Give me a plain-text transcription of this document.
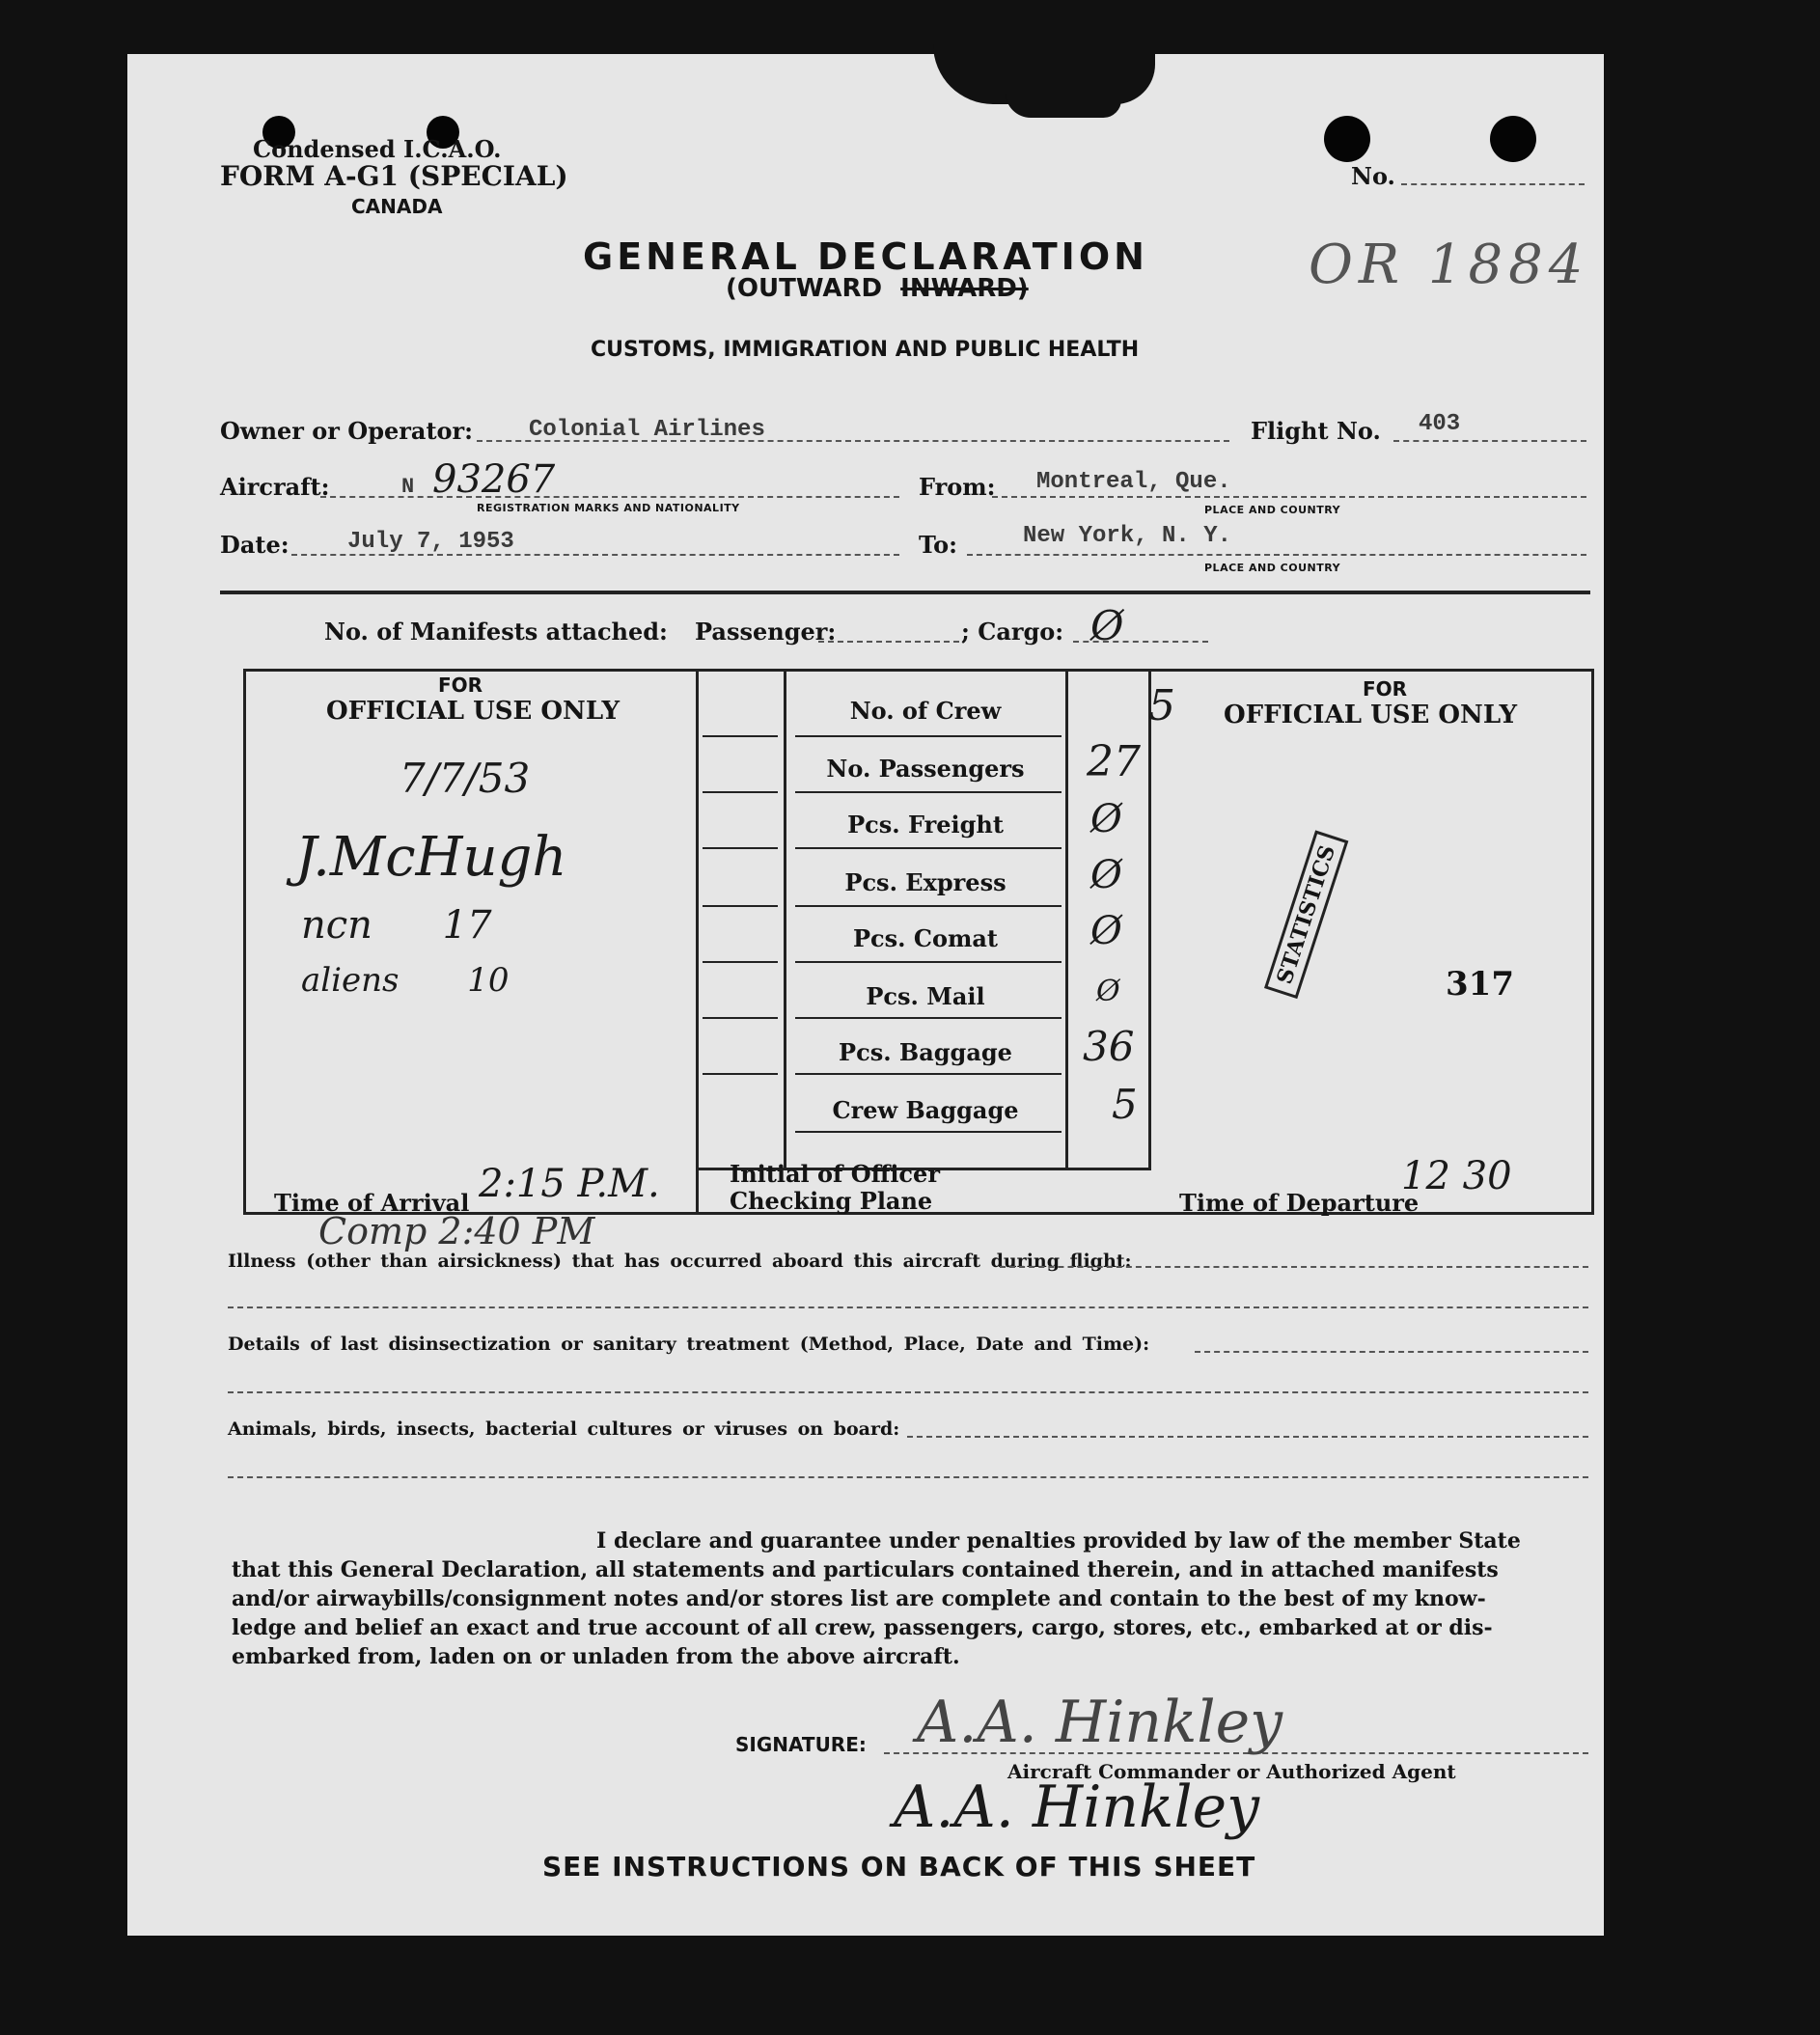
Condensed I.C.A.O.
FORM A-G1 (SPECIAL)
CANADA
No.
GENERAL DECLARATION
(OUTWARD INWARD)	OR 1884
CUSTOMS, IMMIGRATION AND PUBLIC HEALTH
Owner or Operator: Colonial Airlines	Flight No. 403
Aircraft:	N 93267
REGISTRATION MARKS AND NATIONALITY
From: Montreal, Que.
PLACE AND COUNTRY
Date:	July 7, 1953	To:	New York, N. Y.
PLACE AND COUNTRY
No. of Manifests attached: Passenger:	; Cargo: Ø
FOR
OFFICIAL USE ONLY
FOR
OFFICIAL USE ONLY
No. of Crew	5
No. Passengers	27
Pcs. Freight	Ø
Pcs. Express	Ø
Pcs. Comat	Ø
Pcs. Mail	Ø
Pcs. Baggage	36
Crew Baggage	5
7/7/53
J.McHugh
ncn 17
aliens 10	STATISTICS	317
Initial of Officer
Checking Plane
Time of Arrival 2:15 P.M.	Time of Departure
12 30
Comp 2:40 PM
Illness (other than airsickness) that has occurred aboard this aircraft during flight:
Details of last disinsectization or sanitary treatment (Method, Place, Date and Time):
Animals, birds, insects, bacterial cultures or viruses on board:
I declare and guarantee under penalties provided by law of the member State
that this General Declaration, all statements and particulars contained therein, and in attached manifests
and/or airwaybills/consignment notes and/or stores list are complete and contain to the best of my know-
ledge and belief an exact and true account of all crew, passengers, cargo, stores, etc., embarked at or dis-
embarked from, laden on or unladen from the above aircraft.
SIGNATURE: A.A. Hinkley
Aircraft Commander or Authorized Agent
A.A. Hinkley
SEE INSTRUCTIONS ON BACK OF THIS SHEET
